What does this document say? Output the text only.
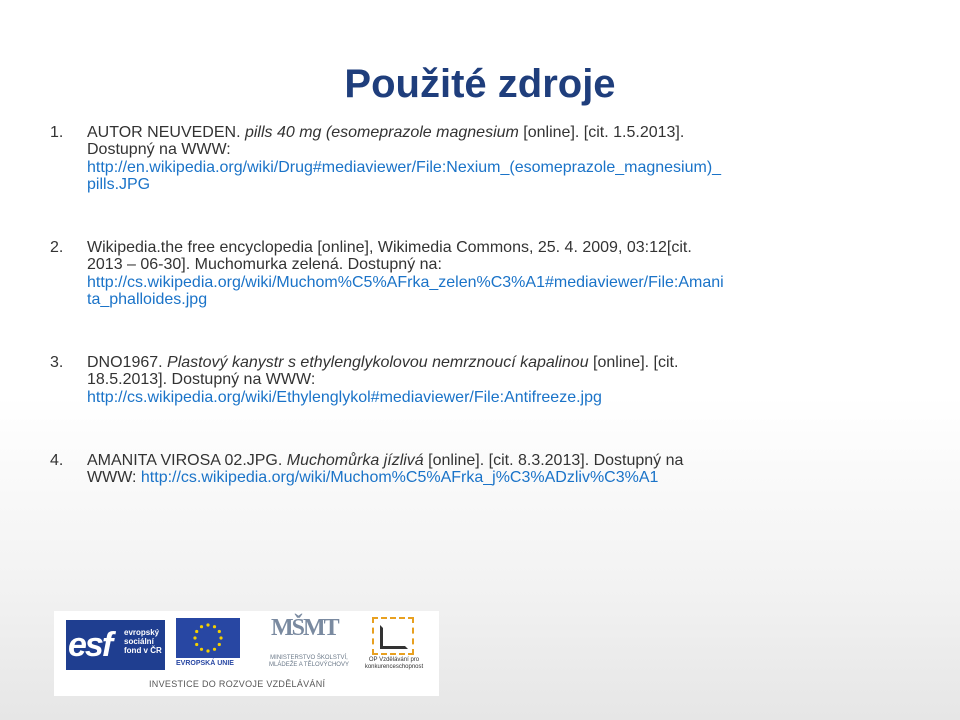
Použité zdroje
1. AUTOR NEUVEDEN. pills 40 mg (esomeprazole magnesium [online]. [cit. 1.5.2013].
Dostupný na WWW:
http://en.wikipedia.org/wiki/Drug#mediaviewer/File:Nexium_(esomeprazole_magnesium)_
pills.JPG
2. Wikipedia.the free encyclopedia [online], Wikimedia Commons, 25. 4. 2009, 03:12[cit.
2013 – 06-30]. Muchomurka zelená. Dostupný na:
http://cs.wikipedia.org/wiki/Muchom%C5%AFrka_zelen%C3%A1#mediaviewer/File:Amani
ta_phalloides.jpg
3. DNO1967. Plastový kanystr s ethylenglykolovou nemrznoucí kapalinou [online]. [cit.
18.5.2013]. Dostupný na WWW:
http://cs.wikipedia.org/wiki/Ethylenglykol#mediaviewer/File:Antifreeze.jpg
4. AMANITA VIROSA 02.JPG. Muchomůrka jízlivá [online]. [cit. 8.3.2013]. Dostupný na
WWW: http://cs.wikipedia.org/wiki/Muchom%C5%AFrka_j%C3%ADzliv%C3%A1
esf evropský sociální fond v ČR
EVROPSKÁ UNIE
MŠMT
MINISTERSTVO ŠKOLSTVÍ, MLÁDEŽE A TĚLOVÝCHOVY
OP Vzdělávání pro konkurenceschopnost
INVESTICE DO ROZVOJE VZDĚLÁVÁNÍ
